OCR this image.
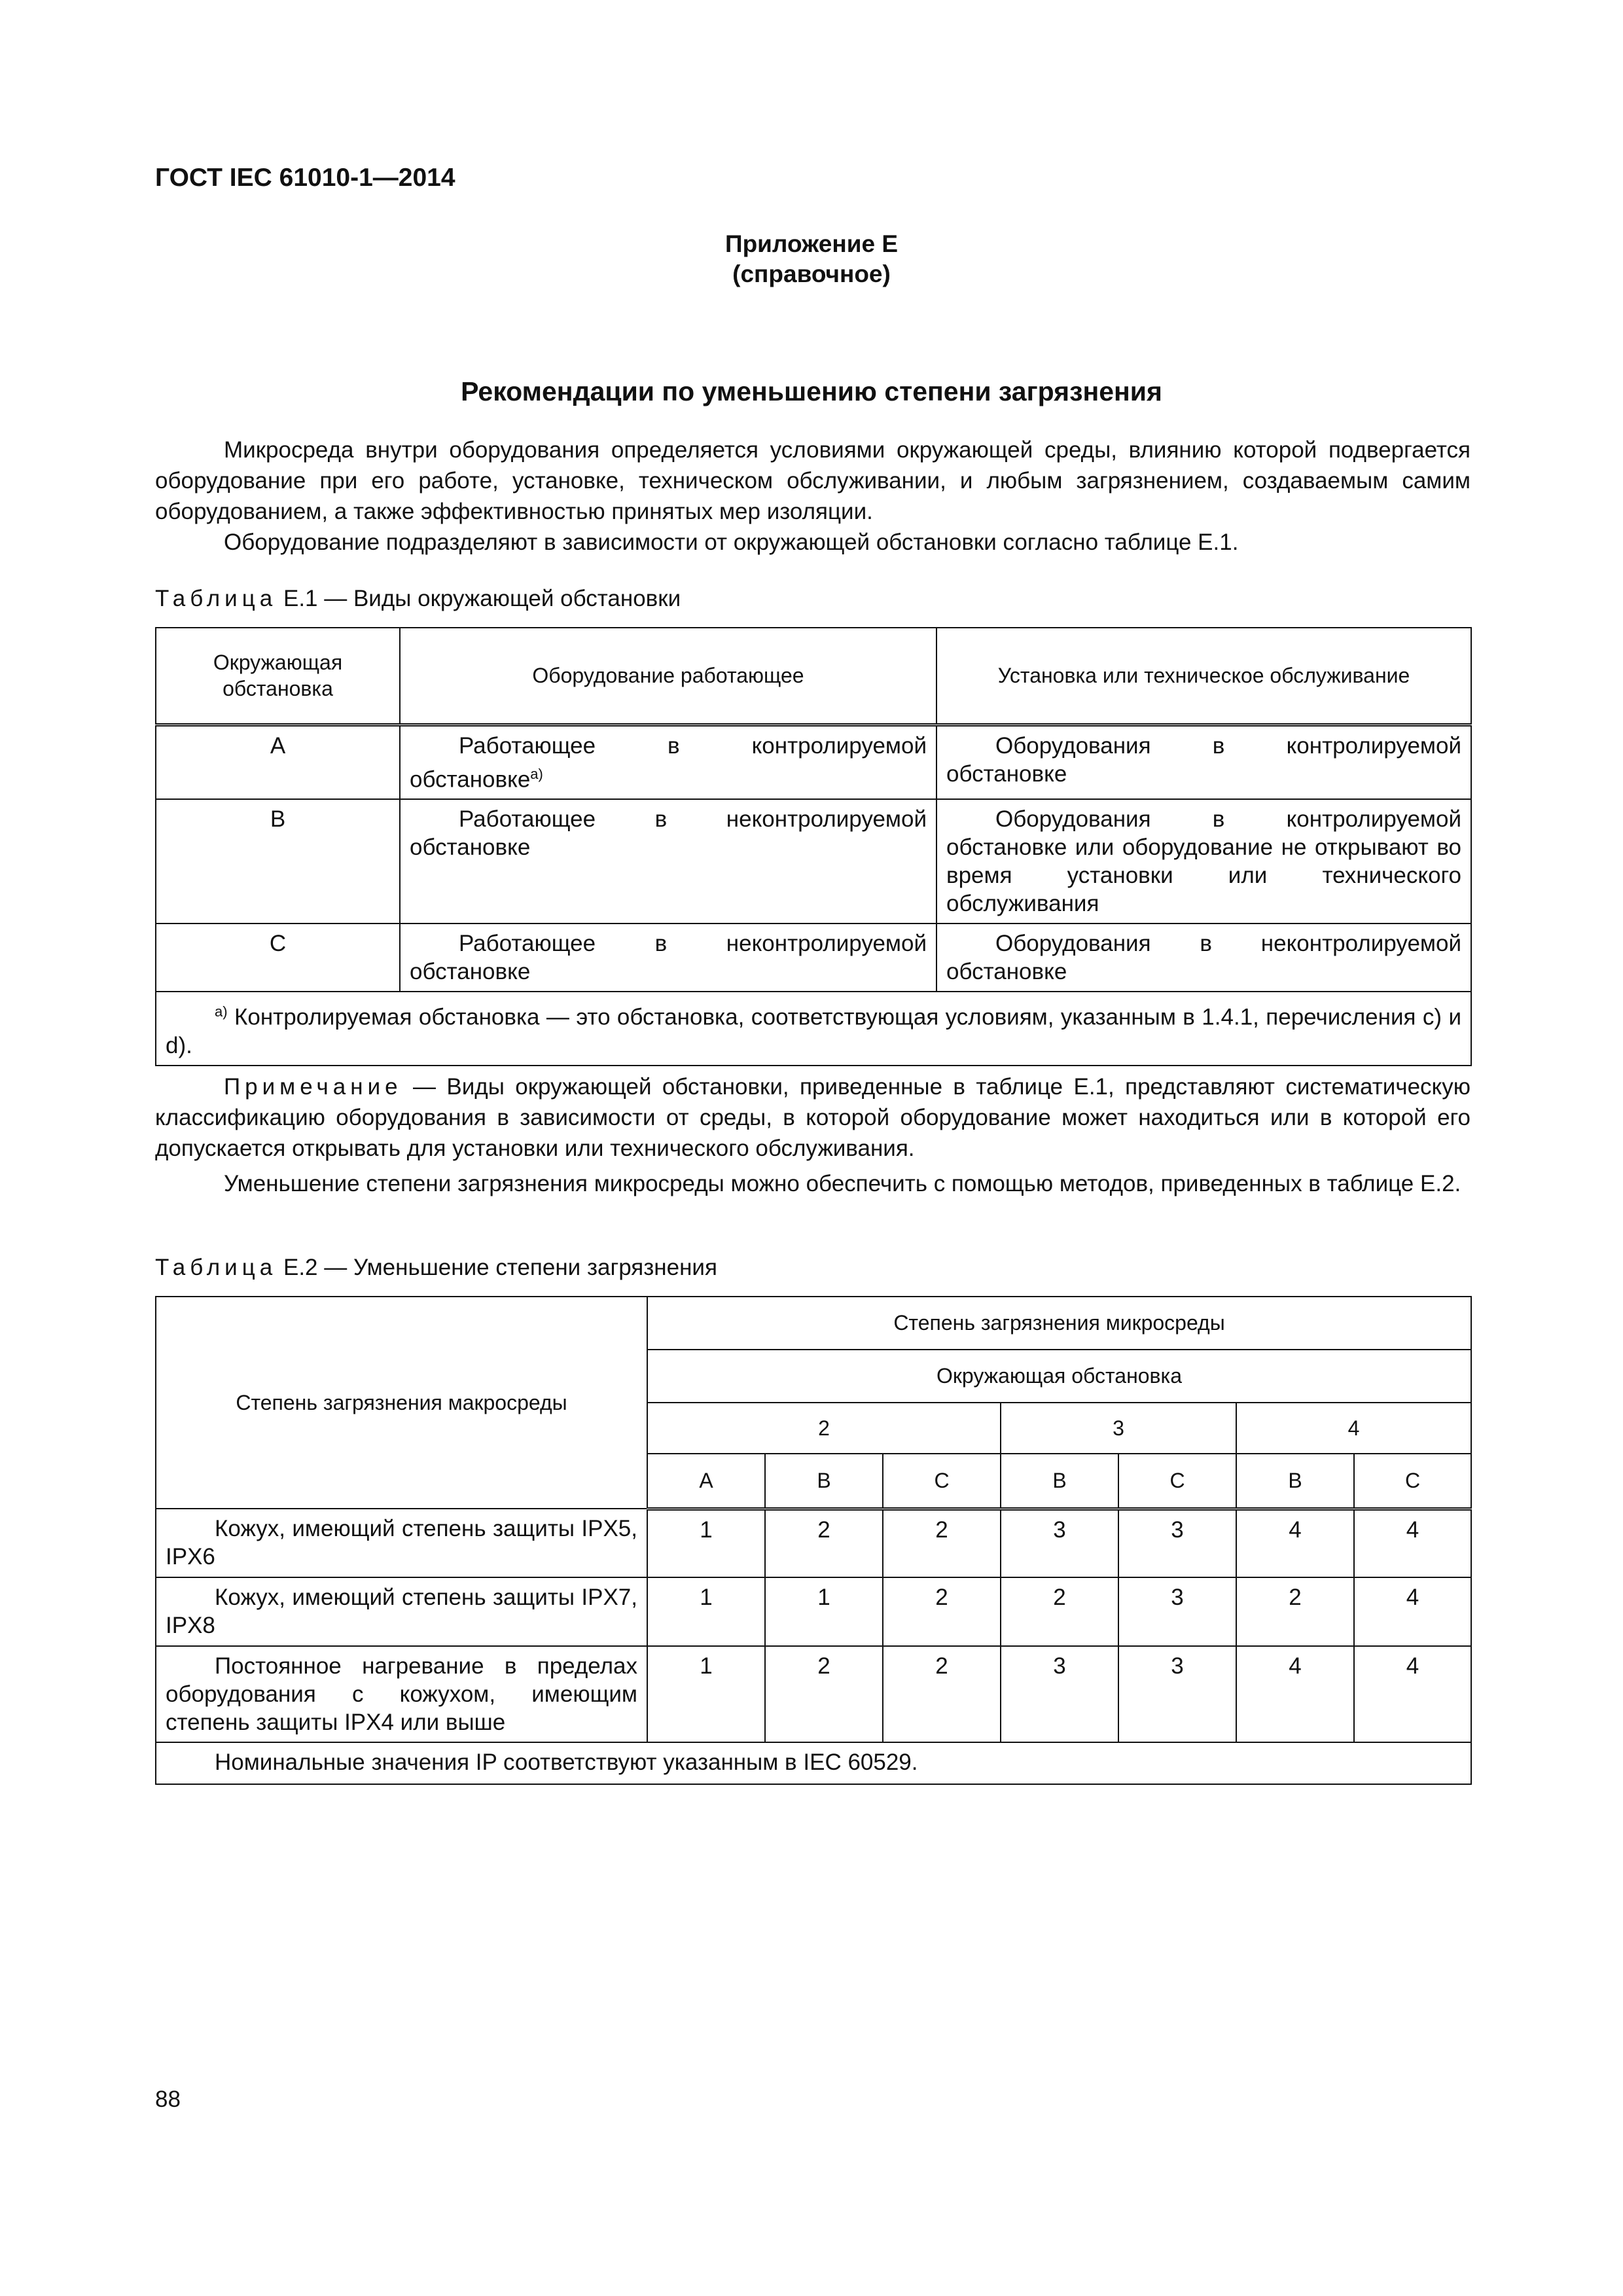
ГОСТ IEC 61010-1—2014
Приложение Е
(справочное)
Рекомендации по уменьшению степени загрязнения
Микросреда внутри оборудования определяется условиями окружающей среды, влиянию которой подвергается оборудование при его работе, установке, техническом обслуживании, и любым загрязнением, создаваемым самим оборудованием, а также эффективностью принятых мер изоляции.
Оборудование подразделяют в зависимости от окружающей обстановки согласно таблице Е.1.
Таблица Е.1 — Виды окружающей обстановки
Окружающая обстановка	Оборудование работающее	Установка или техническое обслуживание
A	Работающее в контролируемой обстановке$^{а)}$	Оборудования в контролируемой обстановке
B	Работающее в неконтролируемой обстановке	Оборудования в контролируемой обстановке или оборудование не открывают во время установки или технического обслуживания
C	Работающее в неконтролируемой обстановке	Оборудования в неконтролируемой обстановке
$^{а)}$ Контролируемая обстановка — это обстановка, соответствующая условиям, указанным в 1.4.1, перечисления с) и d).		
Примечание — Виды окружающей обстановки, приведенные в таблице Е.1, представляют систематическую классификацию оборудования в зависимости от среды, в которой оборудование может находиться или в которой его допускается открывать для установки или технического обслуживания.
Уменьшение степени загрязнения микросреды можно обеспечить с помощью методов, приведенных в таблице Е.2.
Таблица Е.2 — Уменьшение степени загрязнения
Степень загрязнения макросреды	Степень загрязнения микросреды						
	Окружающая обстановка						
	2			3		4	
	A	B	C	B	C	B	C
Кожух, имеющий степень защиты IPX5, IPX6	1	2	2	3	3	4	4
Кожух, имеющий степень защиты IPX7, IPX8	1	1	2	2	3	2	4
Постоянное нагревание в пределах оборудования с кожухом, имеющим степень защиты IPX4 или выше	1	2	2	3	3	4	4
Номинальные значения IP соответствуют указанным в IEC 60529.							
88
